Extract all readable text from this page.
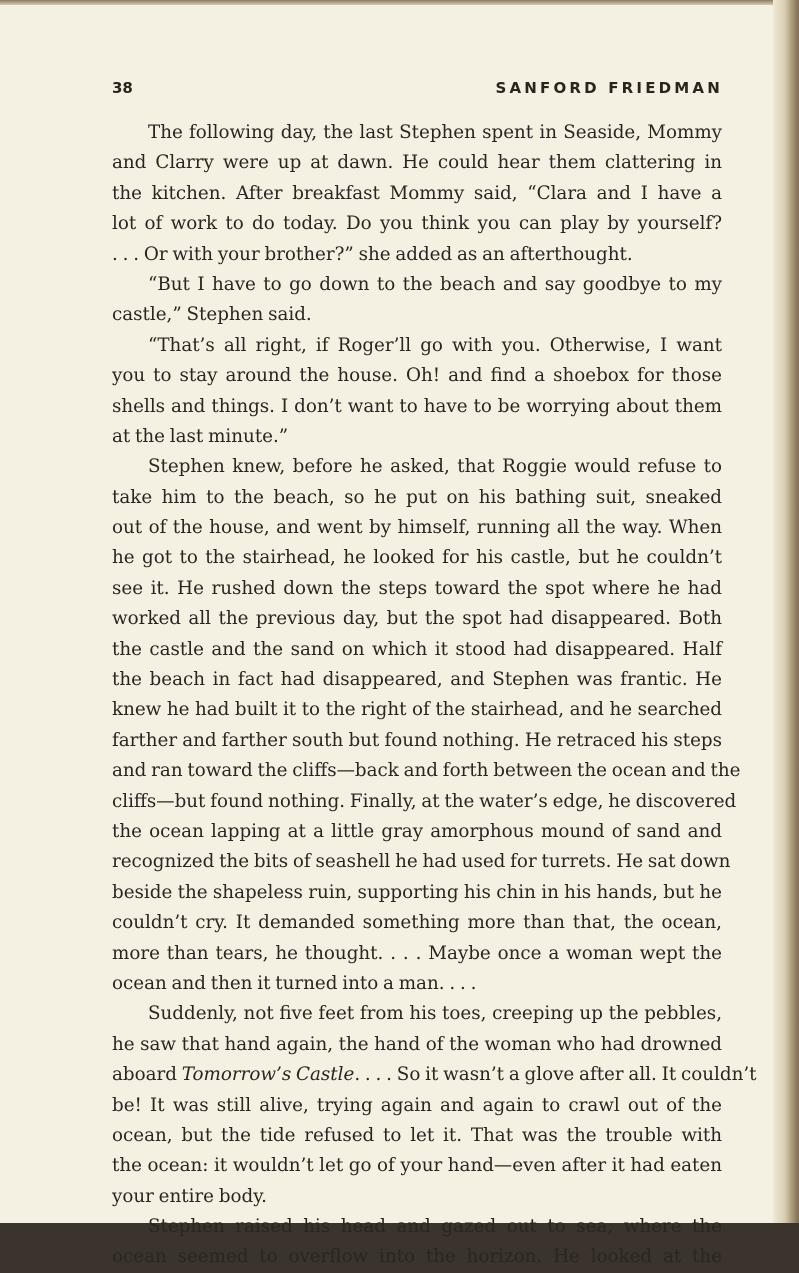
38	SANFORD FRIEDMAN
The following day, the last Stephen spent in Seaside, Mommy
and Clarry were up at dawn. He could hear them clattering in
the kitchen. After breakfast Mommy said, “Clara and I have a
lot of work to do today. Do you think you can play by yourself?
. . . Or with your brother?” she added as an afterthought.
“But I have to go down to the beach and say goodbye to my
castle,” Stephen said.
“That’s all right, if Roger’ll go with you. Otherwise, I want
you to stay around the house. Oh! and find a shoebox for those
shells and things. I don’t want to have to be worrying about them
at the last minute.”
Stephen knew, before he asked, that Roggie would refuse to
take him to the beach, so he put on his bathing suit, sneaked
out of the house, and went by himself, running all the way. When
he got to the stairhead, he looked for his castle, but he couldn’t
see it. He rushed down the steps toward the spot where he had
worked all the previous day, but the spot had disappeared. Both
the castle and the sand on which it stood had disappeared. Half
the beach in fact had disappeared, and Stephen was frantic. He
knew he had built it to the right of the stairhead, and he searched
farther and farther south but found nothing. He retraced his steps
and ran toward the cliffs—back and forth between the ocean and the
cliffs—but found nothing. Finally, at the water’s edge, he discovered
the ocean lapping at a little gray amorphous mound of sand and
recognized the bits of seashell he had used for turrets. He sat down
beside the shapeless ruin, supporting his chin in his hands, but he
couldn’t cry. It demanded something more than that, the ocean,
more than tears, he thought. . . . Maybe once a woman wept the
ocean and then it turned into a man. . . .
Suddenly, not five feet from his toes, creeping up the pebbles,
he saw that hand again, the hand of the woman who had drowned
aboard Tomorrow’s Castle. . . . So it wasn’t a glove after all. It couldn’t
be! It was still alive, trying again and again to crawl out of the
ocean, but the tide refused to let it. That was the trouble with
the ocean: it wouldn’t let go of your hand—even after it had eaten
your entire body.
Stephen raised his head and gazed out to sea, where the
ocean seemed to overflow into the horizon. He looked at the
